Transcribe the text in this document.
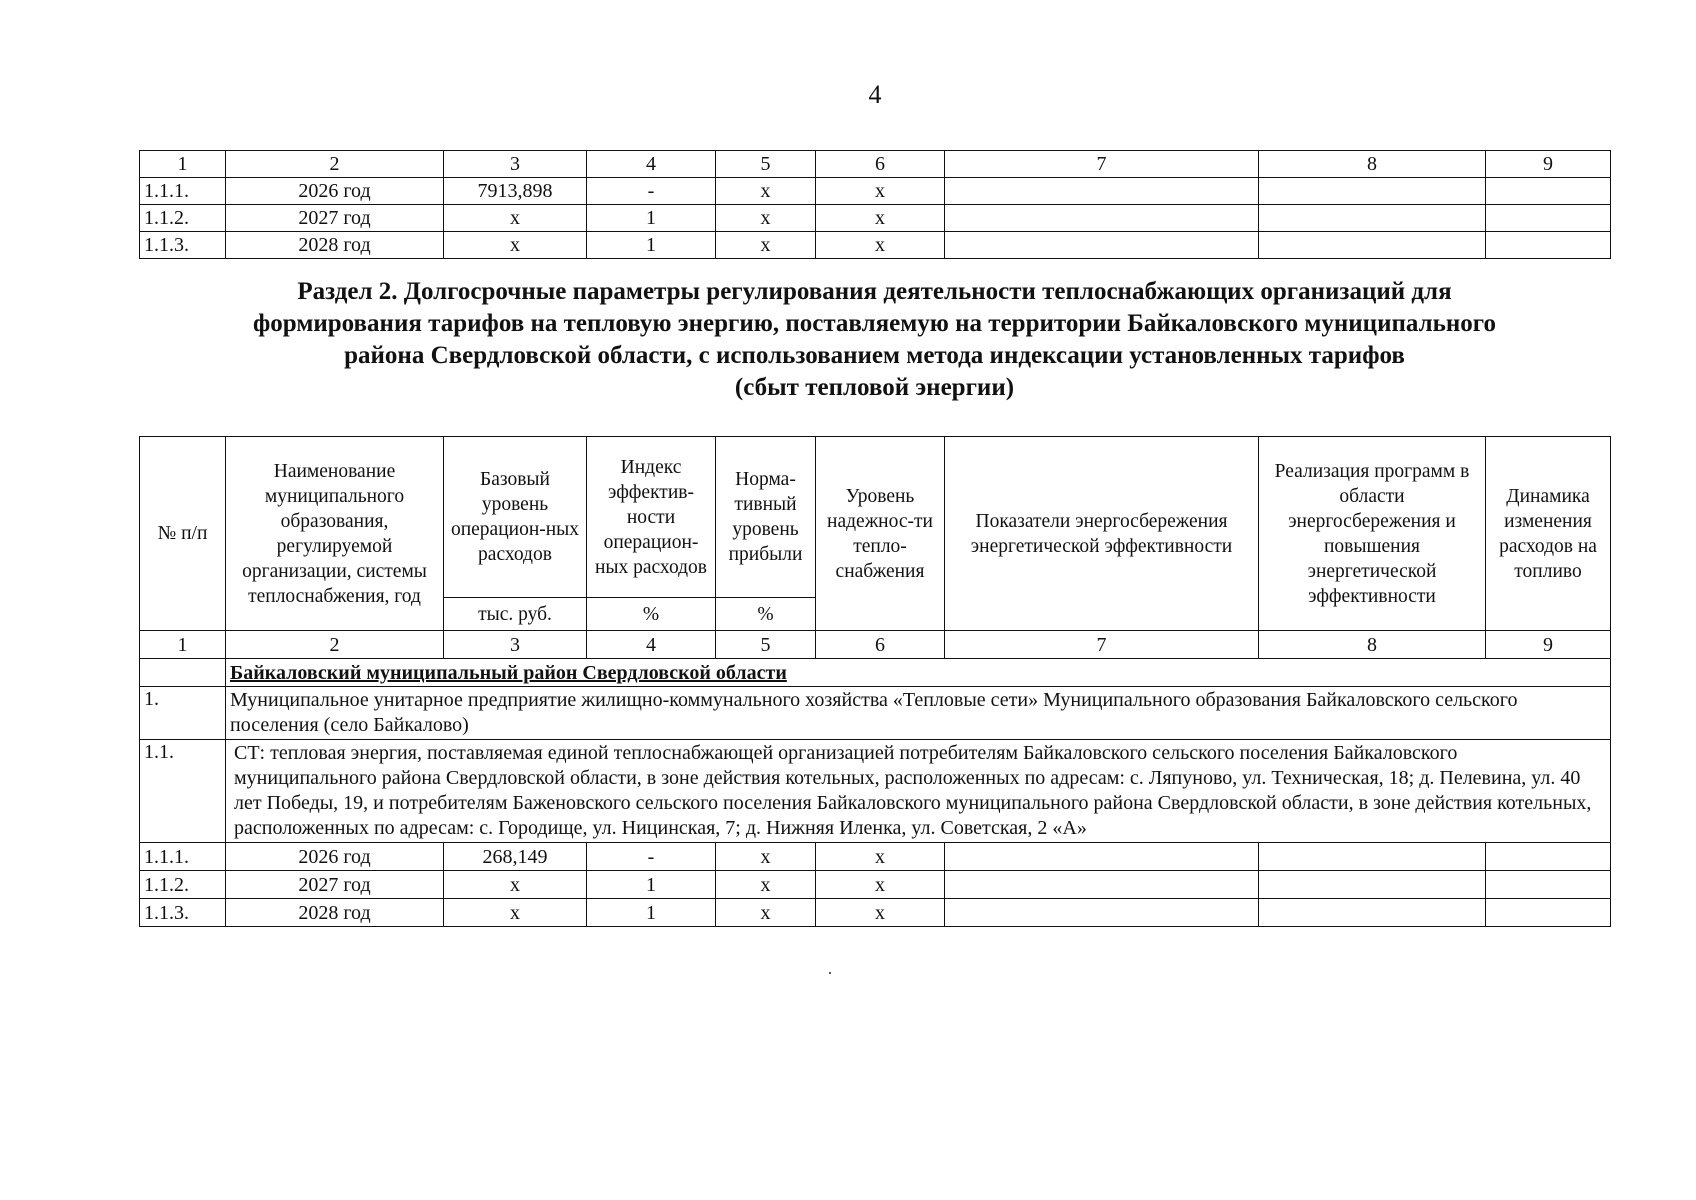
4
1	2	3	4	5	6	7	8	9
1.1.1.	2026 год	7913,898	-	х	х			
1.1.2.	2027 год	х	1	х	х			
1.1.3.	2028 год	х	1	х	х			
Раздел 2. Долгосрочные параметры регулирования деятельности теплоснабжающих организаций для
формирования тарифов на тепловую энергию, поставляемую на территории Байкаловского муниципального
района Свердловской области, с использованием метода индексации установленных тарифов
(сбыт тепловой энергии)
№ п/п	Наименование муниципального образования, регулируемой организации, системы теплоснабжения, год	Базовый уровень операцион-ных расходов	Индекс эффектив-ности операцион-ных расходов	Норма-тивный уровень прибыли	Уровень надежнос-ти тепло-снабжения	Показатели энергосбережения энергетической эффективности	Реализация программ в области энергосбережения и повышения энергетической эффективности	Динамика изменения расходов на топливо
		тыс. руб.	%	%				
1	2	3	4	5	6	7	8	9
	Байкаловский муниципальный район Свердловской области							
1.	Муниципальное унитарное предприятие жилищно-коммунального хозяйства «Тепловые сети» Муниципального образования Байкаловского сельского поселения (село Байкалово)							
1.1.	СТ: тепловая энергия, поставляемая единой теплоснабжающей организацией потребителям Байкаловского сельского поселения Байкаловского муниципального района Свердловской области, в зоне действия котельных, расположенных по адресам: с. Ляпуново, ул. Техническая, 18; д. Пелевина, ул. 40 лет Победы, 19, и потребителям Баженовского сельского поселения Байкаловского муниципального района Свердловской области, в зоне действия котельных, расположенных по адресам: с. Городище, ул. Ницинская, 7; д. Нижняя Иленка, ул. Советская, 2 «А»							
1.1.1.	2026 год	268,149	-	х	х			
1.1.2.	2027 год	х	1	х	х			
1.1.3.	2028 год	х	1	х	х			
